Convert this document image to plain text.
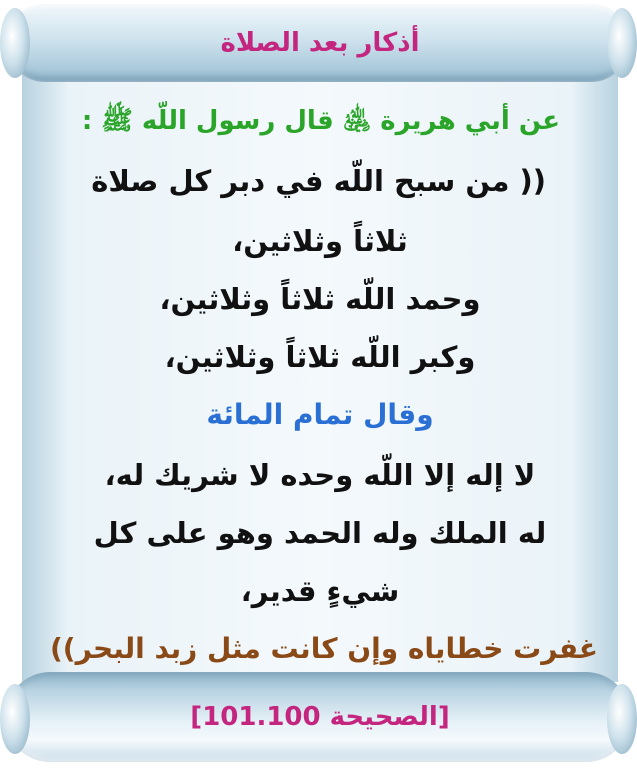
أذكار بعد الصلاة
عن أبي هريرة ﵁ قال رسول اللّه ﷺ :
(( من سبح اللّه في دبر كل صلاة
ثلاثاً وثلاثين،
وحمد اللّه ثلاثاً وثلاثين،
وكبر اللّه ثلاثاً وثلاثين،
وقال تمام المائة
لا إله إلا اللّه وحده لا شريك له،
له الملك وله الحمد وهو على كل
شيءٍ قدير،
غفرت خطاياه وإن كانت مثل زبد البحر))
[الصحيحة 101.100]
